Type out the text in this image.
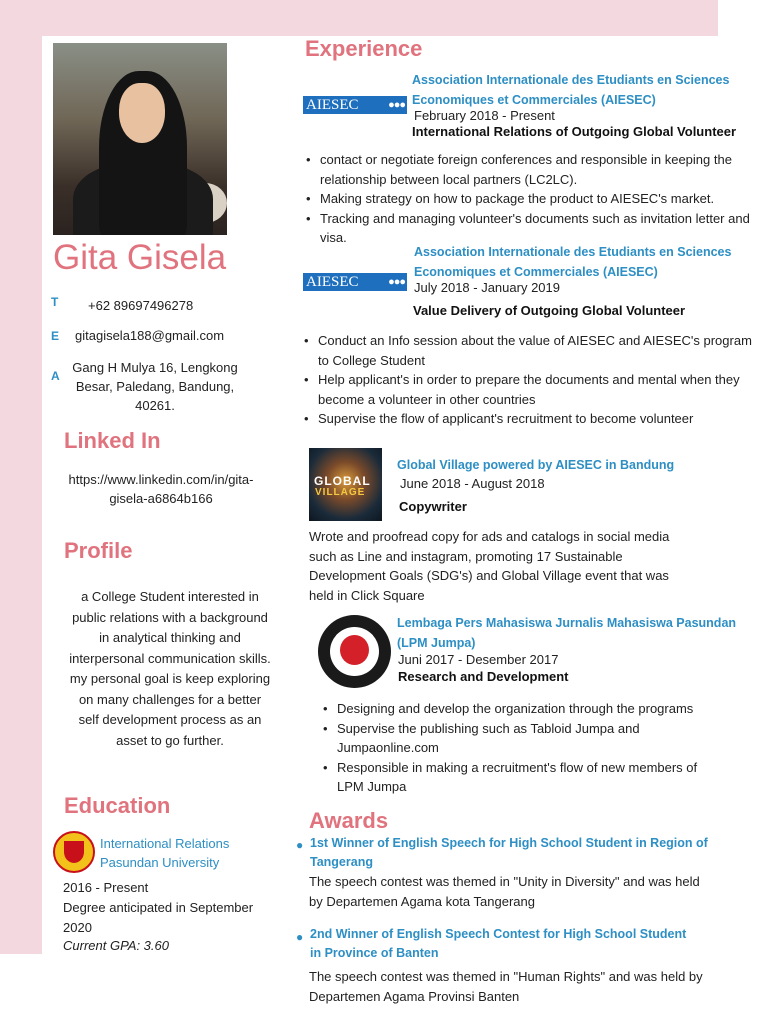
Gita Gisela
T +62 89697496278
E gitagisela188@gmail.com
A
Gang H Mulya 16, Lengkong
Besar, Paledang, Bandung,
40261.
Linked In
https://www.linkedin.com/in/gita-
gisela-a6864b166
Profile
a College Student interested in
public relations with a background
in analytical thinking and
interpersonal communication skills.
my personal goal is keep exploring
on many challenges for a better
self development process as an
asset to go further.
Education
International Relations
Pasundan University
2016 - Present
Degree anticipated in September
2020
Current GPA: 3.60
Experience
AIESEC	●●●
Association Internationale des Etudiants en Sciences
Economiques et Commerciales (AIESEC)
February 2018 - Present
International Relations of Outgoing Global Volunteer
• contact or negotiate foreign conferences and responsible in keeping the
relationship between local partners (LC2LC).
• Making strategy on how to package the product to AIESEC's market.
• Tracking and managing volunteer's documents such as invitation letter and
visa.
AIESEC	●●●
Association Internationale des Etudiants en Sciences
Economiques et Commerciales (AIESEC)
July 2018 - January 2019
Value Delivery of Outgoing Global Volunteer
• Conduct an Info session about the value of AIESEC and AIESEC's program
to College Student
• Help applicant's in order to prepare the documents and mental when they
become a volunteer in other countries
• Supervise the flow of applicant's recruitment to become volunteer
GLOBAL
VILLAGE
Global Village powered by AIESEC in Bandung
June 2018 - August 2018
Copywriter
Wrote and proofread copy for ads and catalogs in social media
such as Line and instagram, promoting 17 Sustainable
Development Goals (SDG's) and Global Village event that was
held in Click Square
Lembaga Pers Mahasiswa Jurnalis Mahasiswa Pasundan
(LPM Jumpa)
Juni 2017 - Desember 2017
Research and Development
• Designing and develop the organization through the programs
• Supervise the publishing such as Tabloid Jumpa and
Jumpaonline.com
• Responsible in making a recruitment's flow of new members of
LPM Jumpa
Awards
● 1st Winner of English Speech for High School Student in Region of
Tangerang
The speech contest was themed in "Unity in Diversity" and was held
by Departemen Agama kota Tangerang
● 2nd Winner of English Speech Contest for High School Student
in Province of Banten
The speech contest was themed in "Human Rights" and was held by
Departemen Agama Provinsi Banten
